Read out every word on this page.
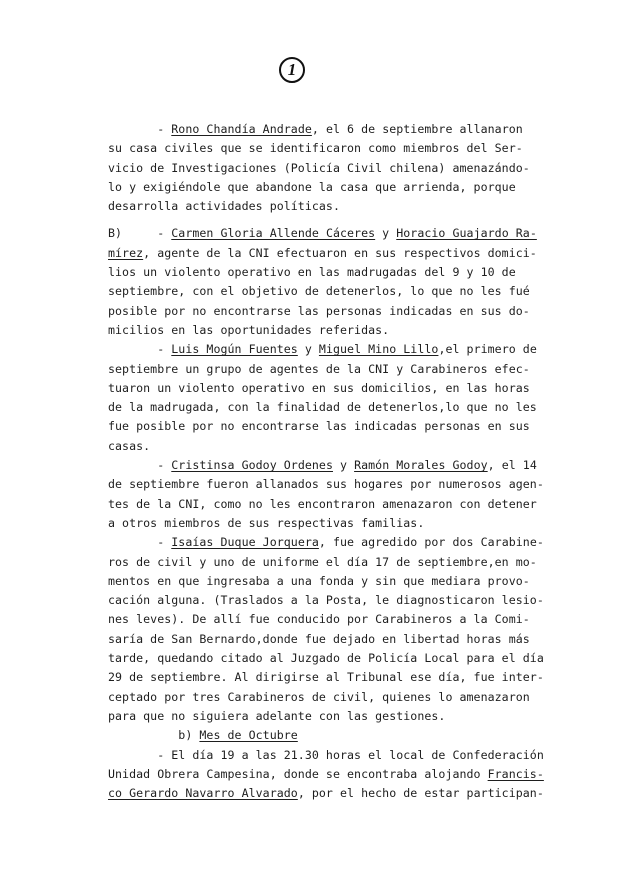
1
- Rono Chandía Andrade, el 6 de septiembre allanaron
su casa civiles que se identificaron como miembros del Ser-
vicio de Investigaciones (Policía Civil chilena) amenazándo-
lo y exigiéndole que abandone la casa que arrienda, porque
desarrolla actividades políticas.
B)     - Carmen Gloria Allende Cáceres y Horacio Guajardo Ra-
mírez, agente de la CNI efectuaron en sus respectivos domici-
lios un violento operativo en las madrugadas del 9 y 10 de
septiembre, con el objetivo de detenerlos, lo que no les fué
posible por no encontrarse las personas indicadas en sus do-
micilios en las oportunidades referidas.
- Luis Mogún Fuentes y Miguel Mino Lillo,el primero de
septiembre un grupo de agentes de la CNI y Carabineros efec-
tuaron un violento operativo en sus domicilios, en las horas
de la madrugada, con la finalidad de detenerlos,lo que no les
fue posible por no encontrarse las indicadas personas en sus
casas.
- Cristinsa Godoy Ordenes y Ramón Morales Godoy, el 14
de septiembre fueron allanados sus hogares por numerosos agen-
tes de la CNI, como no les encontraron amenazaron con detener
a otros miembros de sus respectivas familias.
- Isaías Duque Jorquera, fue agredido por dos Carabine-
ros de civil y uno de uniforme el día 17 de septiembre,en mo-
mentos en que ingresaba a una fonda y sin que mediara provo-
cación alguna. (Traslados a la Posta, le diagnosticaron lesio-
nes leves). De allí fue conducido por Carabineros a la Comi-
saría de San Bernardo,donde fue dejado en libertad horas más
tarde, quedando citado al Juzgado de Policía Local para el día
29 de septiembre. Al dirigirse al Tribunal ese día, fue inter-
ceptado por tres Carabineros de civil, quienes lo amenazaron
para que no siguiera adelante con las gestiones.
b) Mes de Octubre
- El día 19 a las 21.30 horas el local de Confederación
Unidad Obrera Campesina, donde se encontraba alojando Francis-
co Gerardo Navarro Alvarado, por el hecho de estar participan-
